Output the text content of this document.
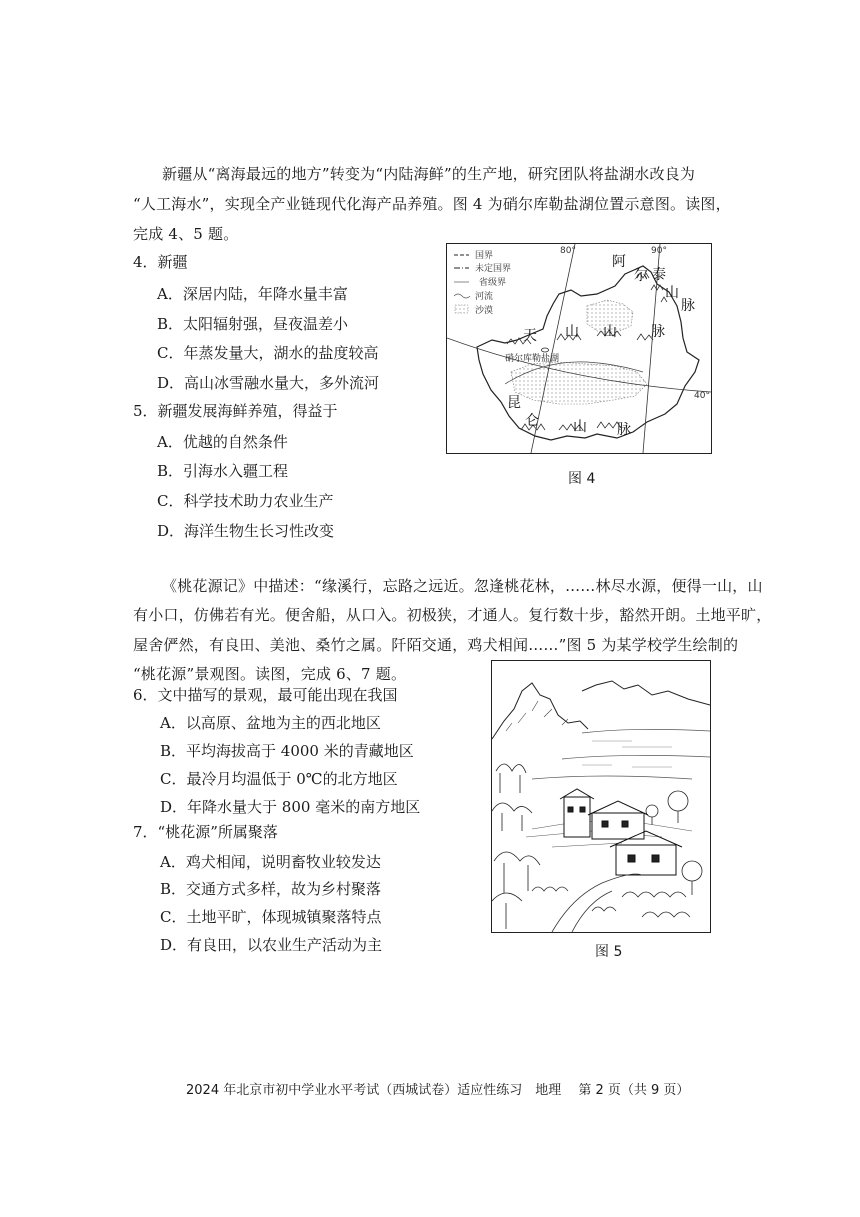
新疆从“离海最远的地方”转变为“内陆海鲜”的生产地，研究团队将盐湖水改良为
“人工海水”，实现全产业链现代化海产品养殖。图 4 为硝尔库勒盐湖位置示意图。读图，
完成 4、5 题。
4．新疆
A．深居内陆，年降水量丰富
B．太阳辐射强，昼夜温差小
C．年蒸发量大，湖水的盐度较高
D．高山冰雪融水量大，多外流河
5．新疆发展海鲜养殖，得益于
A．优越的自然条件
B．引海水入疆工程
C．科学技术助力农业生产
D．海洋生物生长习性改变
国界
未定国界
省级界
河流
沙漠
80°	90°
40°
天 山 山 脉
阿
尔 泰
山
脉
昆
仑 山 脉
硝尔库勒盐湖
图 4
《桃花源记》中描述：“缘溪行，忘路之远近。忽逢桃花林，……林尽水源，便得一山，山
有小口，仿佛若有光。便舍船，从口入。初极狭，才通人。复行数十步，豁然开朗。土地平旷，
屋舍俨然，有良田、美池、桑竹之属。阡陌交通，鸡犬相闻……”图 5 为某学校学生绘制的
“桃花源”景观图。读图，完成 6、7 题。
6．文中描写的景观，最可能出现在我国
A．以高原、盆地为主的西北地区
B．平均海拔高于 4000 米的青藏地区
C．最冷月均温低于 0℃的北方地区
D．年降水量大于 800 毫米的南方地区
7．“桃花源”所属聚落
A．鸡犬相闻，说明畜牧业较发达
B．交通方式多样，故为乡村聚落
C．土地平旷，体现城镇聚落特点
D．有良田，以农业生产活动为主	图 5
2024 年北京市初中学业水平考试（西城试卷）适应性练习　地理　 第 2 页（共 9 页）
